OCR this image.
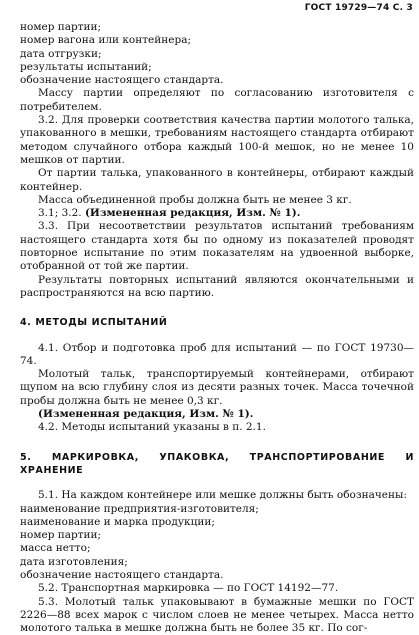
ГОСТ 19729—74 С. 3

номер партии;

номер вагона или контейнера;

дата отгрузки;

результаты испытаний;

обозначение настоящего стандарта.

Массу партии определяют по согласованию изготовителя с потребителем.

3.2. Для проверки соответствия качества партии молотого талька, упакованного в мешки, требованиям настоящего стандарта отбирают методом случайного отбора каждый 100-й мешок, но не менее 10 мешков от партии.

От партии талька, упакованного в контейнеры, отбирают каждый контейнер.

Масса объединенной пробы должна быть не менее 3 кг.

3.1; 3.2. (Измененная редакция, Изм. № 1).

3.3. При несоответствии результатов испытаний требованиям настоящего стандарта хотя бы по одному из показателей проводят повторное испытание по этим показателям на удвоенной выборке, отобранной от той же партии.

Результаты повторных испытаний являются окончательными и распространяются на всю партию.

4. МЕТОДЫ ИСПЫТАНИЙ

4.1. Отбор и подготовка проб для испытаний — по ГОСТ 19730—74.

Молотый тальк, транспортируемый контейнерами, отбирают щупом на всю глубину слоя из десяти разных точек. Масса точечной пробы должна быть не менее 0,3 кг.

(Измененная редакция, Изм. № 1).

4.2. Методы испытаний указаны в п. 2.1.

5. МАРКИРОВКА, УПАКОВКА, ТРАНСПОРТИРОВАНИЕ И ХРАНЕНИЕ

5.1. На каждом контейнере или мешке должны быть обозначены:

наименование предприятия-изготовителя;

наименование и марка продукции;

номер партии;

масса нетто;

дата изготовления;

обозначение настоящего стандарта.

5.2. Транспортная маркировка — по ГОСТ 14192—77.

5.3. Молотый тальк упаковывают в бумажные мешки по ГОСТ 2226—88 всех марок с числом слоев не менее четырех. Масса нетто молотого талька в мешке должна быть не более 35 кг. По сог-
